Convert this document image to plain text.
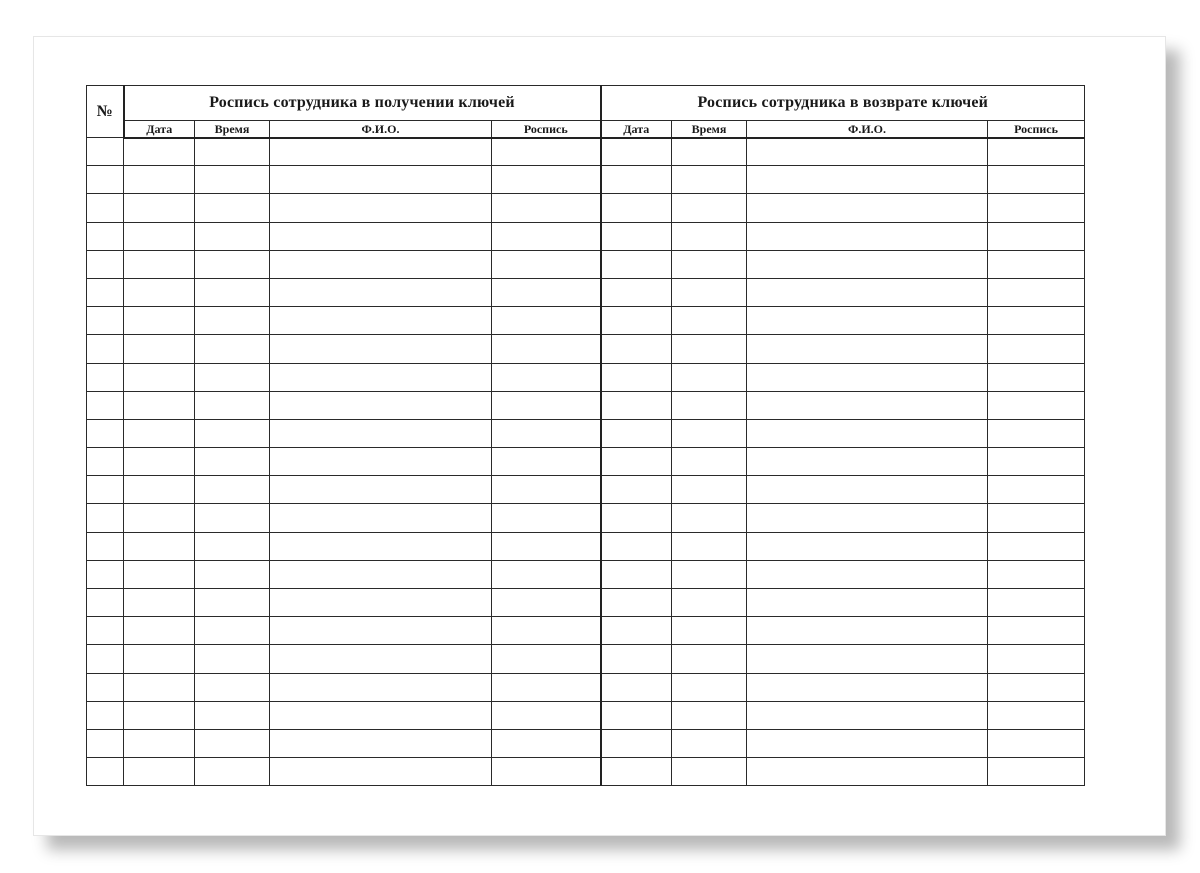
№	Роспись сотрудника в получении ключей				Роспись сотрудника в возврате ключей			
	Дата	Время	Ф.И.О.	Роспись	Дата	Время	Ф.И.О.	Роспись
